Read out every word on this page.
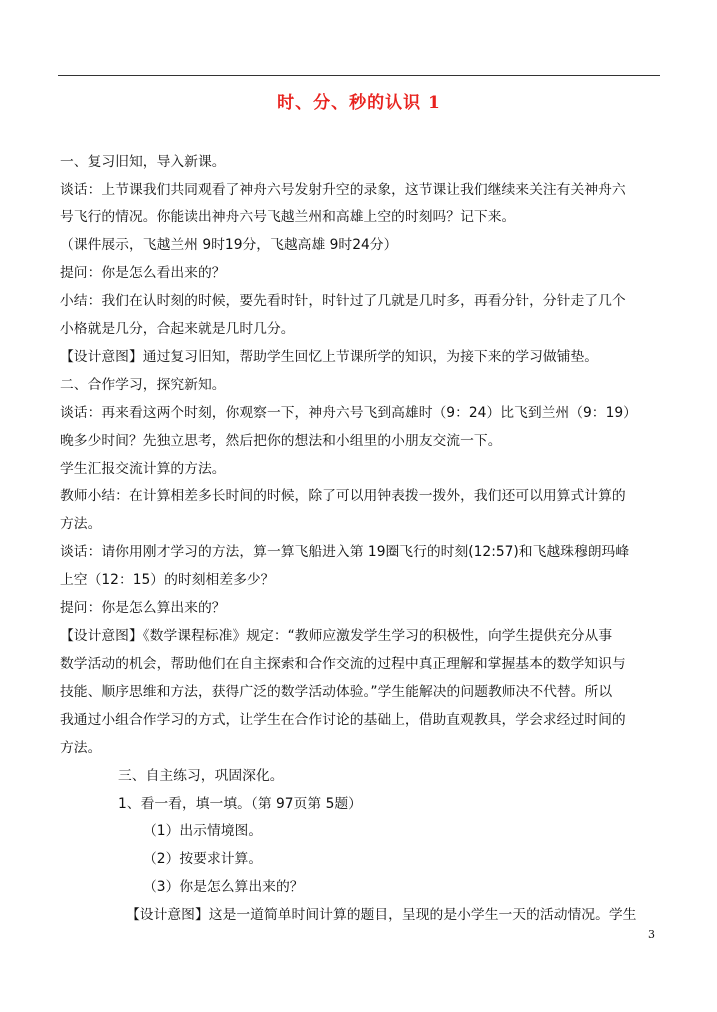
时、分、秒的认识 1
一、复习旧知，导入新课。
谈话：上节课我们共同观看了神舟六号发射升空的录象，这节课让我们继续来关注有关神舟六
号飞行的情况。你能读出神舟六号飞越兰州和高雄上空的时刻吗？记下来。
（课件展示，飞越兰州 9时19分，飞越高雄 9时24分）
提问：你是怎么看出来的？
小结：我们在认时刻的时候，要先看时针，时针过了几就是几时多，再看分针，分针走了几个
小格就是几分，合起来就是几时几分。
【设计意图】通过复习旧知，帮助学生回忆上节课所学的知识，为接下来的学习做铺垫。
二、合作学习，探究新知。
谈话：再来看这两个时刻，你观察一下，神舟六号飞到高雄时（9：24）比飞到兰州（9：19）
晚多少时间？先独立思考，然后把你的想法和小组里的小朋友交流一下。
学生汇报交流计算的方法。
教师小结：在计算相差多长时间的时候，除了可以用钟表拨一拨外，我们还可以用算式计算的
方法。
谈话：请你用刚才学习的方法，算一算飞船进入第 19圈飞行的时刻(12:57)和飞越珠穆朗玛峰
上空（12：15）的时刻相差多少？
提问：你是怎么算出来的？
【设计意图】《数学课程标准》规定：“教师应激发学生学习的积极性，向学生提供充分从事
数学活动的机会，帮助他们在自主探索和合作交流的过程中真正理解和掌握基本的数学知识与
技能、顺序思维和方法，获得广泛的数学活动体验。”学生能解决的问题教师决不代替。所以
我通过小组合作学习的方式，让学生在合作讨论的基础上，借助直观教具，学会求经过时间的
方法。
三、自主练习，巩固深化。
1、看一看，填一填。（第 97页第 5题）
（1）出示情境图。
（2）按要求计算。
（3）你是怎么算出来的？
【设计意图】这是一道简单时间计算的题目，呈现的是小学生一天的活动情况。学生
3
